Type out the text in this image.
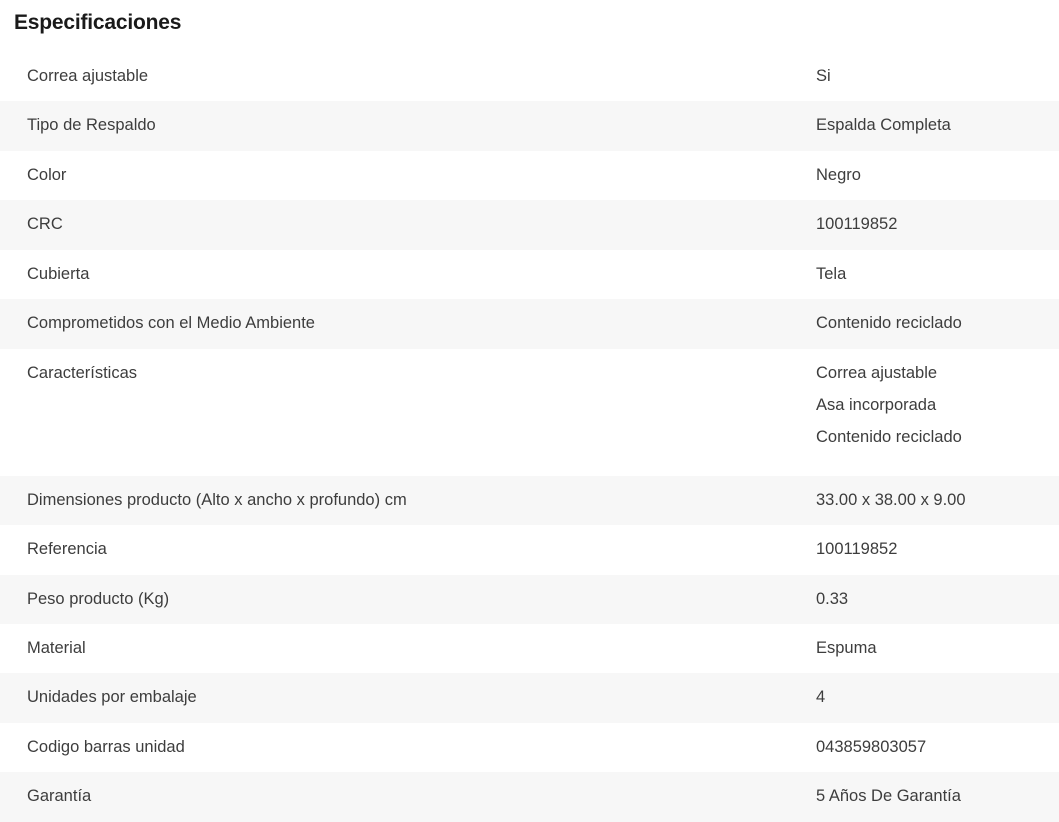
Especificaciones
Correa ajustable	Si
Tipo de Respaldo	Espalda Completa
Color	Negro
CRC	100119852
Cubierta	Tela
Comprometidos con el Medio Ambiente	Contenido reciclado
Características	Correa ajustable
Asa incorporada
Contenido reciclado

Dimensiones producto (Alto x ancho x profundo) cm	33.00 x 38.00 x 9.00
Referencia	100119852
Peso producto (Kg)	0.33
Material	Espuma
Unidades por embalaje	4
Codigo barras unidad	043859803057
Garantía	5 Años De Garantía
